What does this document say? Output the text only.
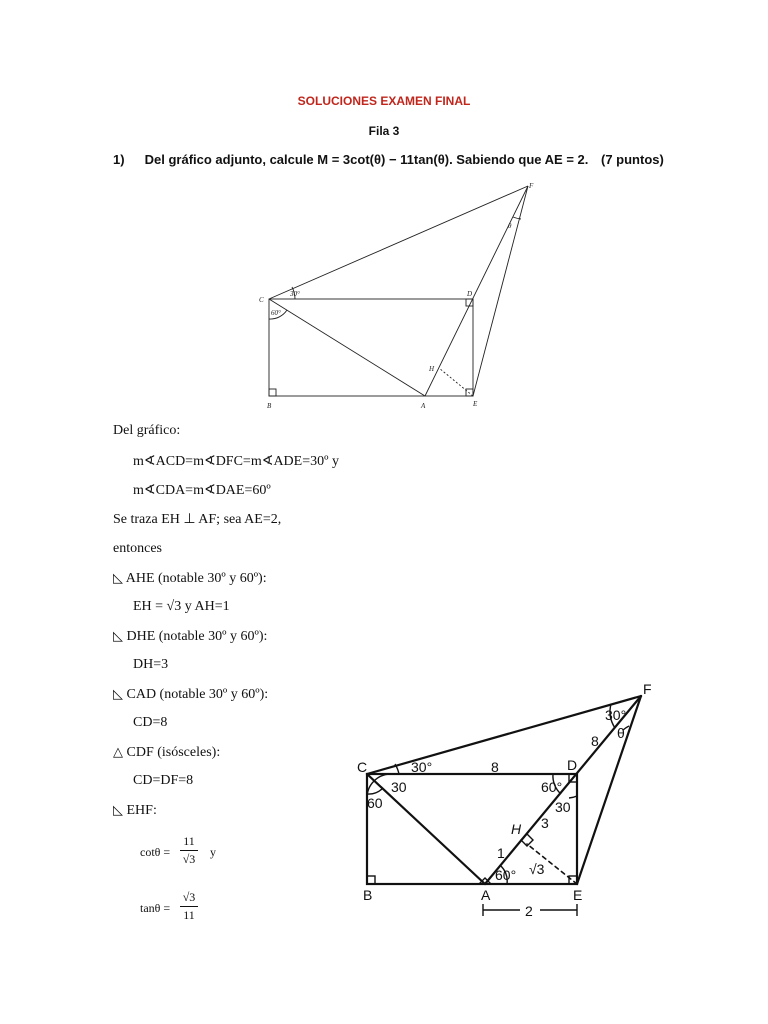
SOLUCIONES EXAMEN FINAL
Fila 3
1) Del gráfico adjunto, calcule M = 3cot(θ) − 11tan(θ). Sabiendo que AE = 2. (7 puntos)
C
D
F
B	A	E
H
30°
60°
θ
Del gráfico:
m∢ACD=m∢DFC=m∢ADE=30º y
m∢CDA=m∢DAE=60º
Se traza EH ⊥ AF; sea AE=2,
entonces
◺ AHE (notable 30º y 60º):
EH = √3 y AH=1
◺ DHE (notable 30º y 60º):
DH=3
◺ CAD (notable 30º y 60º):
CD=8
△ CDF (isósceles):
CD=DF=8
◺ EHF:
cotθ =
11
√3 y
tanθ =
√3
11
C	D
F
B	A	E
H
8
8
1
3
√3
2
30°
30
60
60°
30
60°
30°
θ
